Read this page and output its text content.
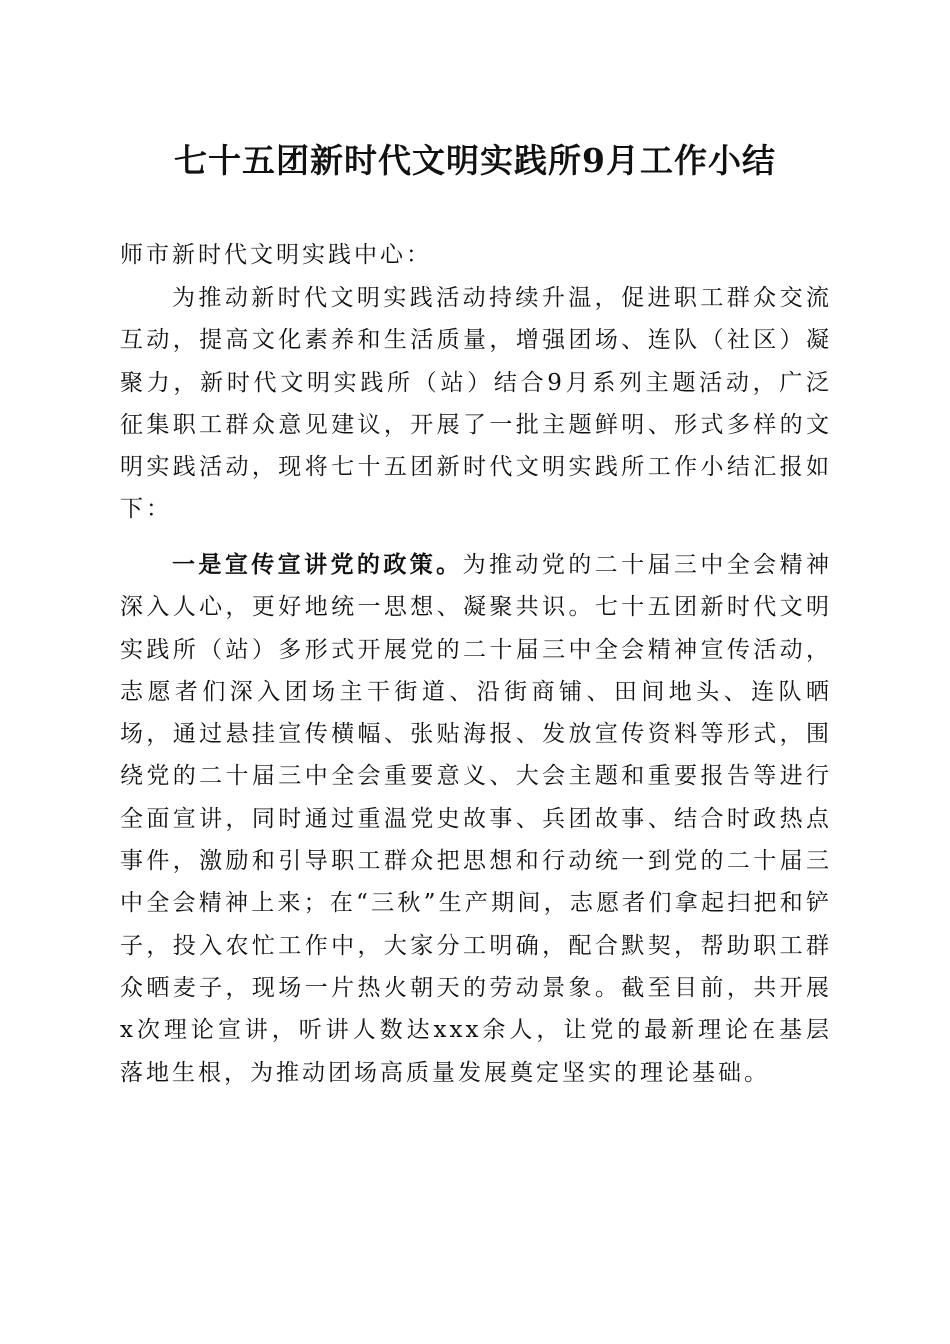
七十五团新时代文明实践所9月工作小结
师市新时代文明实践中心：
为推动新时代文明实践活动持续升温，促进职工群众交流互动，提高文化素养和生活质量，增强团场、连队（社区）凝聚力，新时代文明实践所（站）结合9月系列主题活动，广泛征集职工群众意见建议，开展了一批主题鲜明、形式多样的文明实践活动，现将七十五团新时代文明实践所工作小结汇报如下：
一是宣传宣讲党的政策。为推动党的二十届三中全会精神深入人心，更好地统一思想、凝聚共识。七十五团新时代文明实践所（站）多形式开展党的二十届三中全会精神宣传活动，志愿者们深入团场主干街道、沿街商铺、田间地头、连队晒场，通过悬挂宣传横幅、张贴海报、发放宣传资料等形式，围绕党的二十届三中全会重要意义、大会主题和重要报告等进行全面宣讲，同时通过重温党史故事、兵团故事、结合时政热点事件，激励和引导职工群众把思想和行动统一到党的二十届三中全会精神上来；在“三秋”生产期间，志愿者们拿起扫把和铲子，投入农忙工作中，大家分工明确，配合默契，帮助职工群众晒麦子，现场一片热火朝天的劳动景象。截至目前，共开展x次理论宣讲，听讲人数达xxx余人，让党的最新理论在基层落地生根，为推动团场高质量发展奠定坚实的理论基础。
